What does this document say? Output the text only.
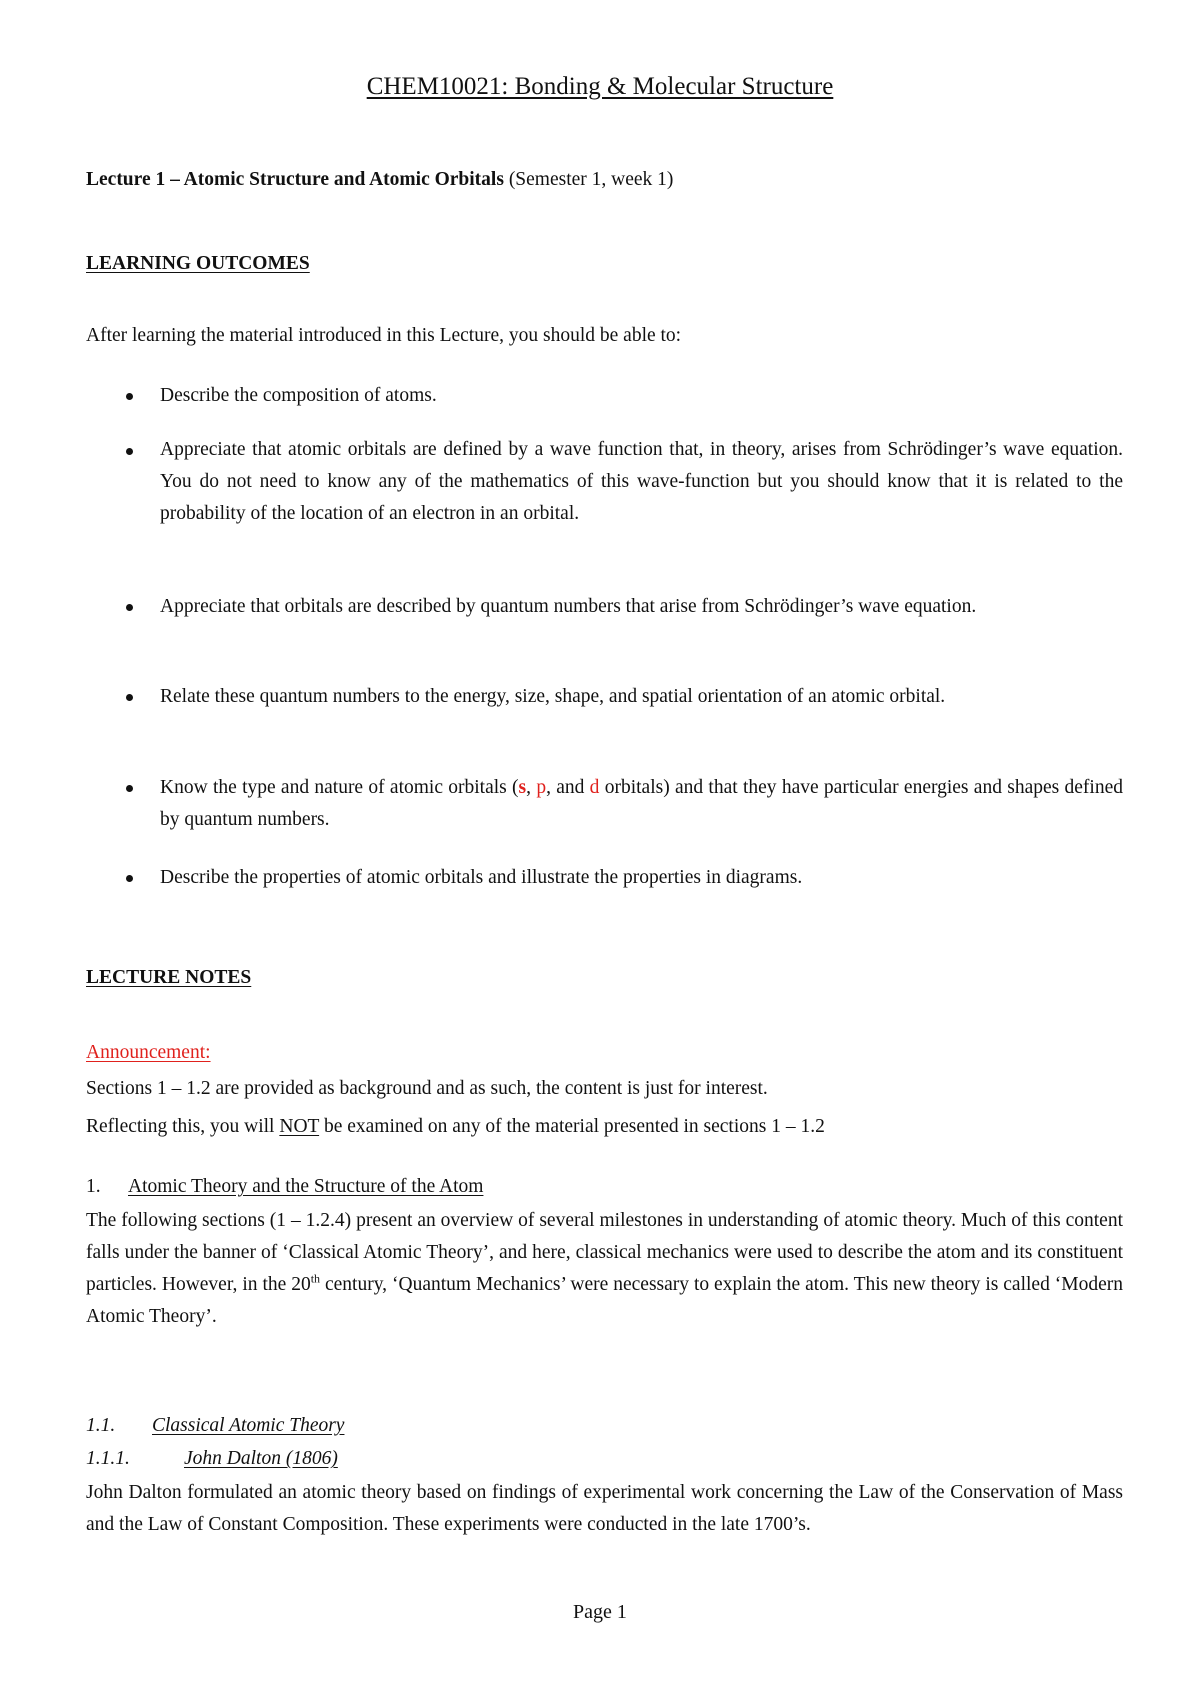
CHEM10021: Bonding & Molecular Structure
Lecture 1 – Atomic Structure and Atomic Orbitals (Semester 1, week 1)
LEARNING OUTCOMES
After learning the material introduced in this Lecture, you should be able to:
Describe the composition of atoms.
Appreciate that atomic orbitals are defined by a wave function that, in theory, arises from Schrödinger’s wave equation. You do not need to know any of the mathematics of this wave-function but you should know that it is related to the probability of the location of an electron in an orbital.
Appreciate that orbitals are described by quantum numbers that arise from Schrödinger’s wave equation.
Relate these quantum numbers to the energy, size, shape, and spatial orientation of an atomic orbital.
Know the type and nature of atomic orbitals (s, p, and d orbitals) and that they have particular energies and shapes defined by quantum numbers.
Describe the properties of atomic orbitals and illustrate the properties in diagrams.
LECTURE NOTES
Announcement:
Sections 1 – 1.2 are provided as background and as such, the content is just for interest.
Reflecting this, you will NOT be examined on any of the material presented in sections 1 – 1.2
1. Atomic Theory and the Structure of the Atom
The following sections (1 – 1.2.4) present an overview of several milestones in understanding of atomic theory. Much of this content falls under the banner of ‘Classical Atomic Theory’, and here, classical mechanics were used to describe the atom and its constituent particles. However, in the 20th century, ‘Quantum Mechanics’ were necessary to explain the atom. This new theory is called ‘Modern Atomic Theory’.
1.1. Classical Atomic Theory
1.1.1.	John Dalton (1806)
John Dalton formulated an atomic theory based on findings of experimental work concerning the Law of the Conservation of Mass and the Law of Constant Composition. These experiments were conducted in the late 1700’s.
Page 1
